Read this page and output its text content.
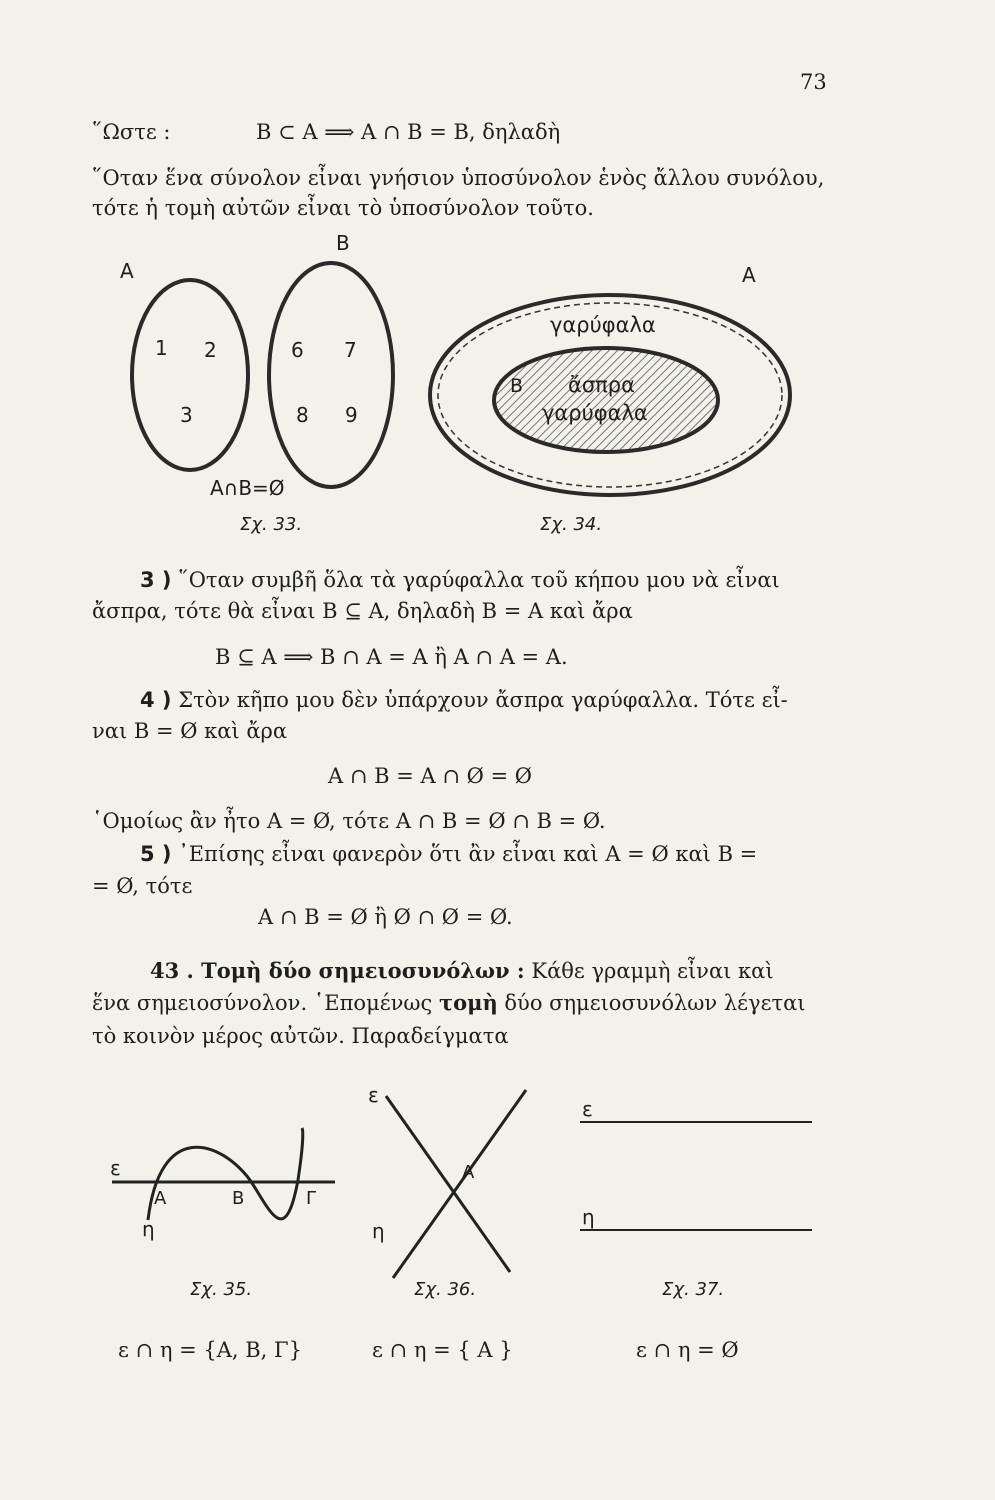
73
῞Ωστε :	B ⊂ A ⟹ A ∩ B = B, δηλαδὴ
῞Οταν ἕνα σύνολον εἶναι γνήσιον ὑποσύνολον ἑνὸς ἄλλου συνόλου,
τότε ἡ τομὴ αὐτῶν εἶναι τὸ ὑποσύνολον τοῦτο.
A
B
1 2
3
6 7
8 9
A∩B=Ø
Σχ. 33.
A
γαρύφαλα
ἄσπρα
γαρύφαλα
B
Σχ. 34.
3 ) ῞Οταν συμβῆ ὅλα τὰ γαρύφαλλα τοῦ κήπου μου νὰ εἶναι
ἄσπρα, τότε θὰ εἶναι B ⊆ A, δηλαδὴ B = A καὶ ἄρα
B ⊆ A ⟹ B ∩ A = A ἢ A ∩ A = A.
4 ) Στὸν κῆπο μου δὲν ὑπάρχουν ἄσπρα γαρύφαλλα. Τότε εἶ-
ναι B = Ø καὶ ἄρα
A ∩ B = A ∩ Ø = Ø
῾Ομοίως ἂν ἦτο A = Ø, τότε A ∩ B = Ø ∩ B = Ø.
5 ) ᾿Επίσης εἶναι φανερὸν ὅτι ἂν εἶναι καὶ A = Ø καὶ B =
= Ø, τότε
A ∩ B = Ø ἢ Ø ∩ Ø = Ø.
43 . Τομὴ δύο σημειοσυνόλων : Κάθε γραμμὴ εἶναι καὶ
ἕνα σημειοσύνολον. ῾Επομένως τομὴ δύο σημειοσυνόλων λέγεται
τὸ κοινὸν μέρος αὐτῶν. Παραδείγματα
ε
η
A	B	Γ
ε
η
A
ε
η
Σχ. 35.	Σχ. 36.	Σχ. 37.
ε ∩ η = {A, B, Γ}	ε ∩ η = { A }	ε ∩ η = Ø
